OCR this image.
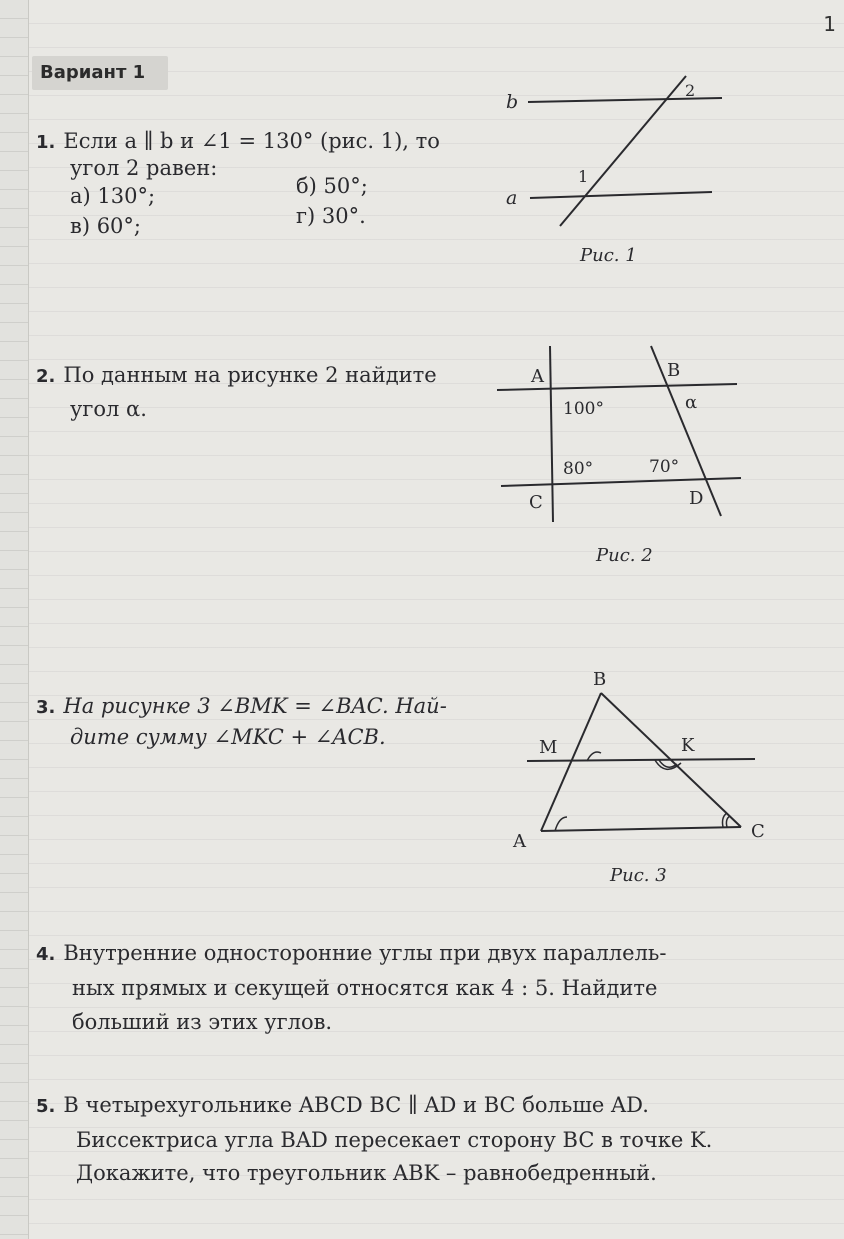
1
Вариант 1
1. Если a ∥ b и ∠1 = 130° (рис. 1), то
угол 2 равен:
а) 130°;	б) 50°;
в) 60°;	г) 30°.
b
a
1
2
Рис. 1
2. По данным на рисунке 2 найдите
угол α.
A	B
C	D
α
100°
80°	70°
Рис. 2
3. На рисунке 3 ∠BMK = ∠BAC. Най-
дите сумму ∠MKC + ∠ACB.
B
M	K
A	C
Рис. 3
4. Внутренние односторонние углы при двух параллель-
ных прямых и секущей относятся как 4 : 5. Найдите
больший из этих углов.
5. В четырехугольнике ABCD BC ∥ AD и BC больше AD.
Биссектриса угла BAD пересекает сторону BC в точке K.
Докажите, что треугольник ABK – равнобедренный.
